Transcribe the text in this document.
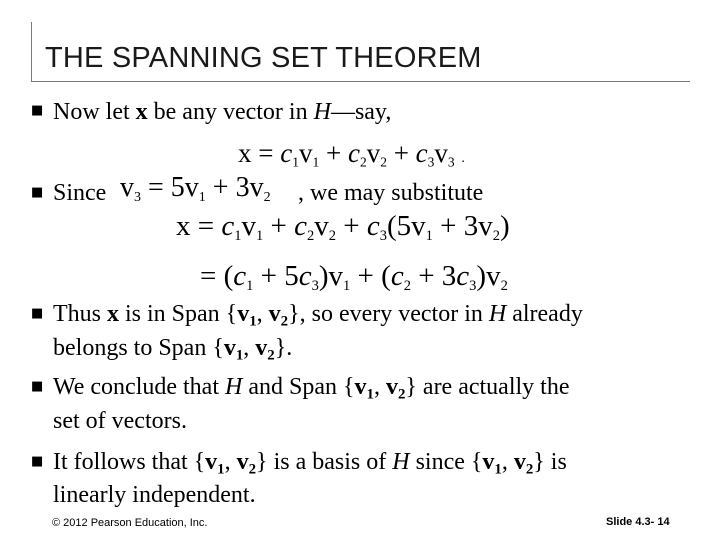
THE SPANNING SET THEOREM
■ Now let x be any vector in H—say,
$x = c_1v_1 + c_2v_2 + c_3v_3$ .
■ Since $v_3 = 5v_1 + 3v_2$ , we may substitute
$x = c_1v_1 + c_2v_2 + c_3(5v_1 + 3v_2)$
= $(c_1 + 5c_3)v_1 + (c_2 + 3c_3)v_2$
■ Thus x is in Span {$v_1$, $v_2$}, so every vector in H already
belongs to Span {$v_1$, $v_2$}.
■ We conclude that H and Span {$v_1$, $v_2$} are actually the
set of vectors.
■ It follows that {$v_1$, $v_2$} is a basis of H since {$v_1$, $v_2$} is
linearly independent.
© 2012 Pearson Education, Inc.	Slide 4.3- 14
